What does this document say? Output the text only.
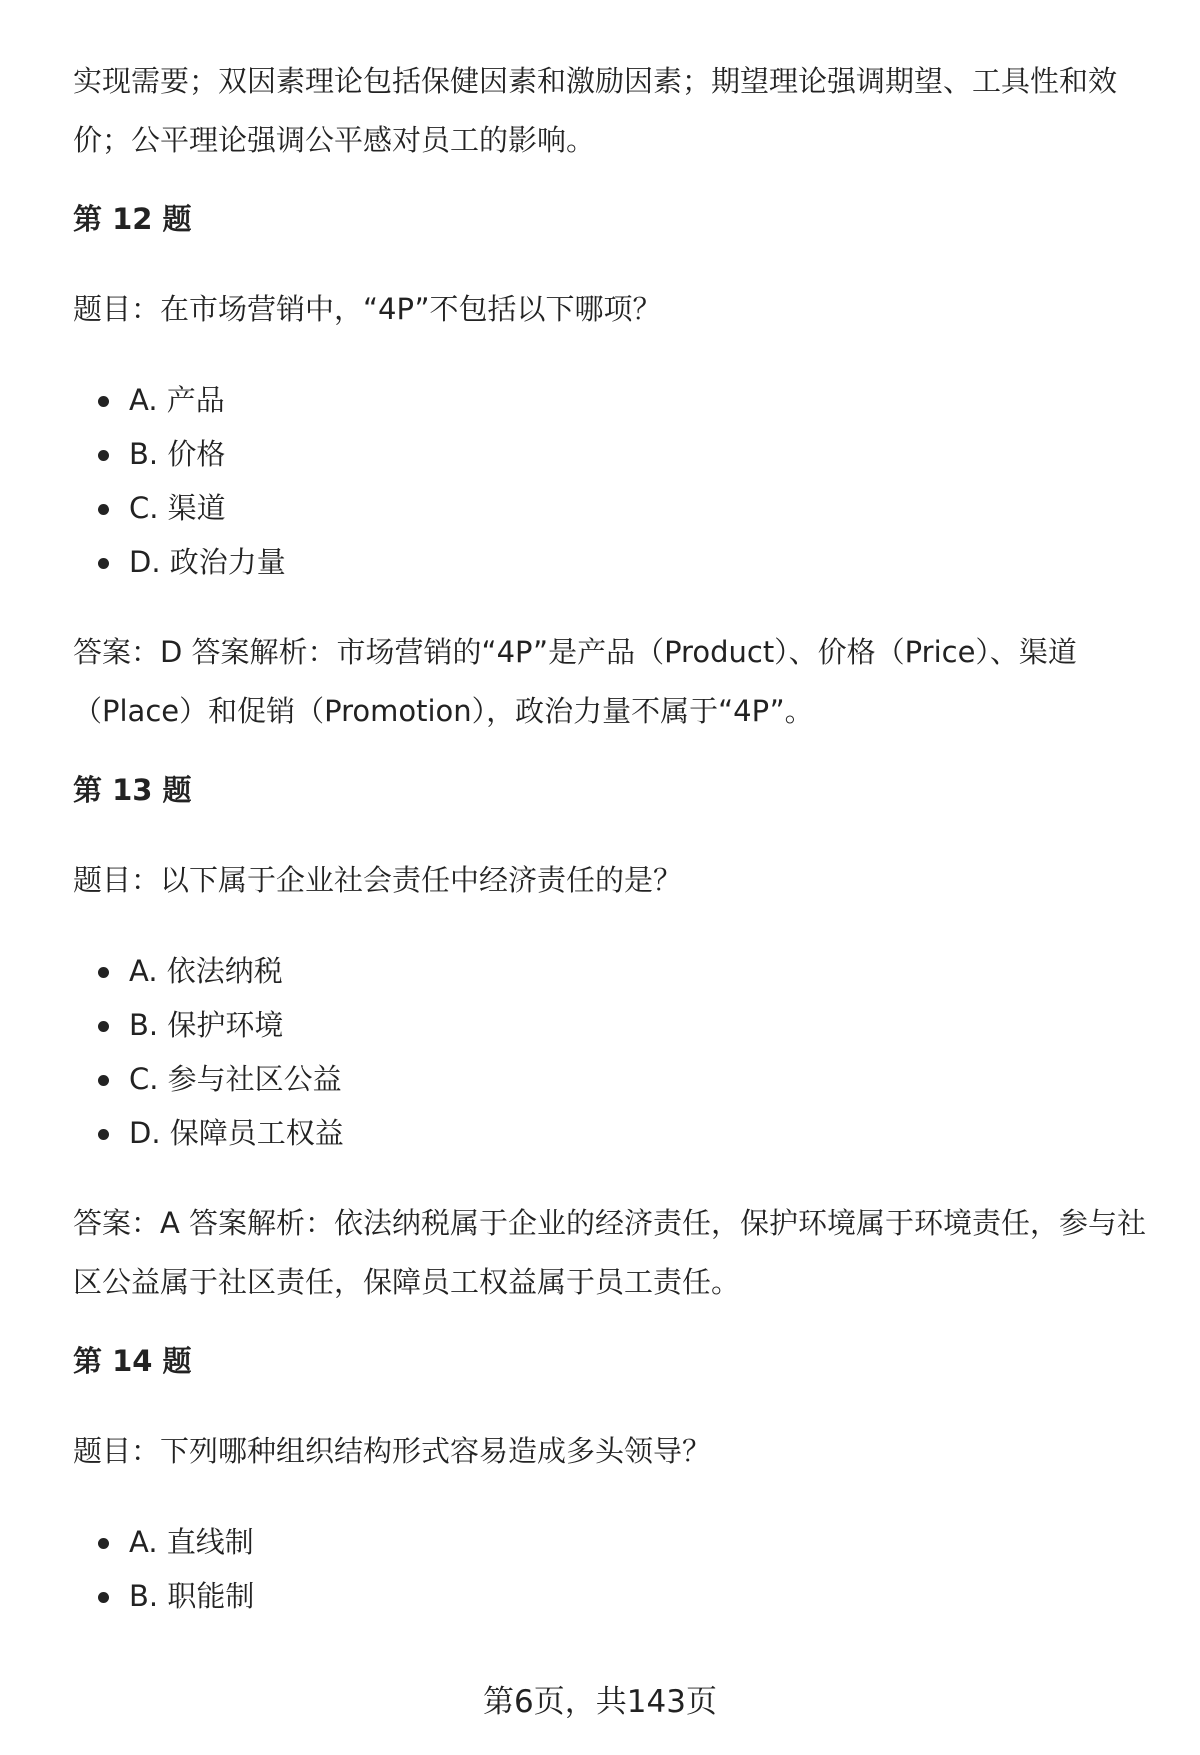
实现需要；双因素理论包括保健因素和激励因素；期望理论强调期望、工具性和效价；公平理论强调公平感对员工的影响。

第 12 题

题目：在市场营销中，“4P”不包括以下哪项？

A. 产品
B. 价格
C. 渠道
D. 政治力量

答案：D 答案解析：市场营销的“4P”是产品（Product）、价格（Price）、渠道（Place）和促销（Promotion），政治力量不属于“4P”。

第 13 题

题目：以下属于企业社会责任中经济责任的是？

A. 依法纳税
B. 保护环境
C. 参与社区公益
D. 保障员工权益

答案：A 答案解析：依法纳税属于企业的经济责任，保护环境属于环境责任，参与社区公益属于社区责任，保障员工权益属于员工责任。

第 14 题

题目：下列哪种组织结构形式容易造成多头领导？

A. 直线制
B. 职能制
第6页，共143页
